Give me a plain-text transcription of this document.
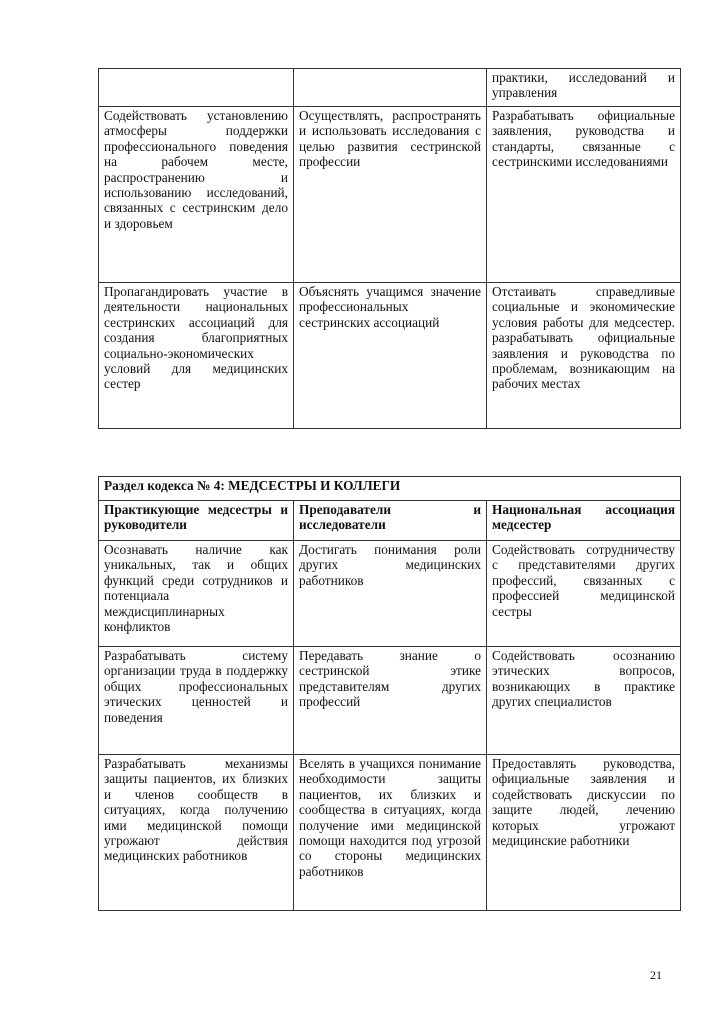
		практики, исследований и управления
Содействовать установлению атмосферы поддержки профессионального поведения на рабочем месте, распространению и использованию исследований, связанных с сестринским дело и здоровьем	Осуществлять, распространять и использовать исследования с целью развития сестринской профессии	Разрабатывать официальные заявления, руководства и стандарты, связанные с сестринскими исследованиями
Пропагандировать участие в деятельности национальных сестринских ассоциаций для создания благоприятных социально-экономических условий для медицинских сестер	Объяснять учащимся значение профессиональных сестринских ассоциаций	Отстаивать справедливые социальные и экономические условия работы для медсестер. разрабатывать официальные заявления и руководства по проблемам, возникающим на рабочих местах
Раздел кодекса № 4: МЕДСЕСТРЫ И КОЛЛЕГИ		
Практикующие медсестры и руководители	Преподаватели и исследователи	Национальная ассоциация медсестер
Осознавать наличие как уникальных, так и общих функций среди сотрудников и потенциала междисциплинарных конфликтов	Достигать понимания роли других медицинских работников	Содействовать сотрудничеству с представителями других профессий, связанных с профессией медицинской сестры
Разрабатывать систему организации труда в поддержку общих профессиональных этических ценностей и поведения	Передавать знание о сестринской этике представителям других профессий	Содействовать осознанию этических вопросов, возникающих в практике других специалистов
Разрабатывать механизмы защиты пациентов, их близких и членов сообществ в ситуациях, когда получению ими медицинской помощи угрожают действия медицинских работников	Вселять в учащихся понимание необходимости защиты пациентов, их близких и сообщества в ситуациях, когда получение ими медицинской помощи находится под угрозой со стороны медицинских работников	Предоставлять руководства, официальные заявления и содействовать дискуссии по защите людей, лечению которых угрожают медицинские работники
21
